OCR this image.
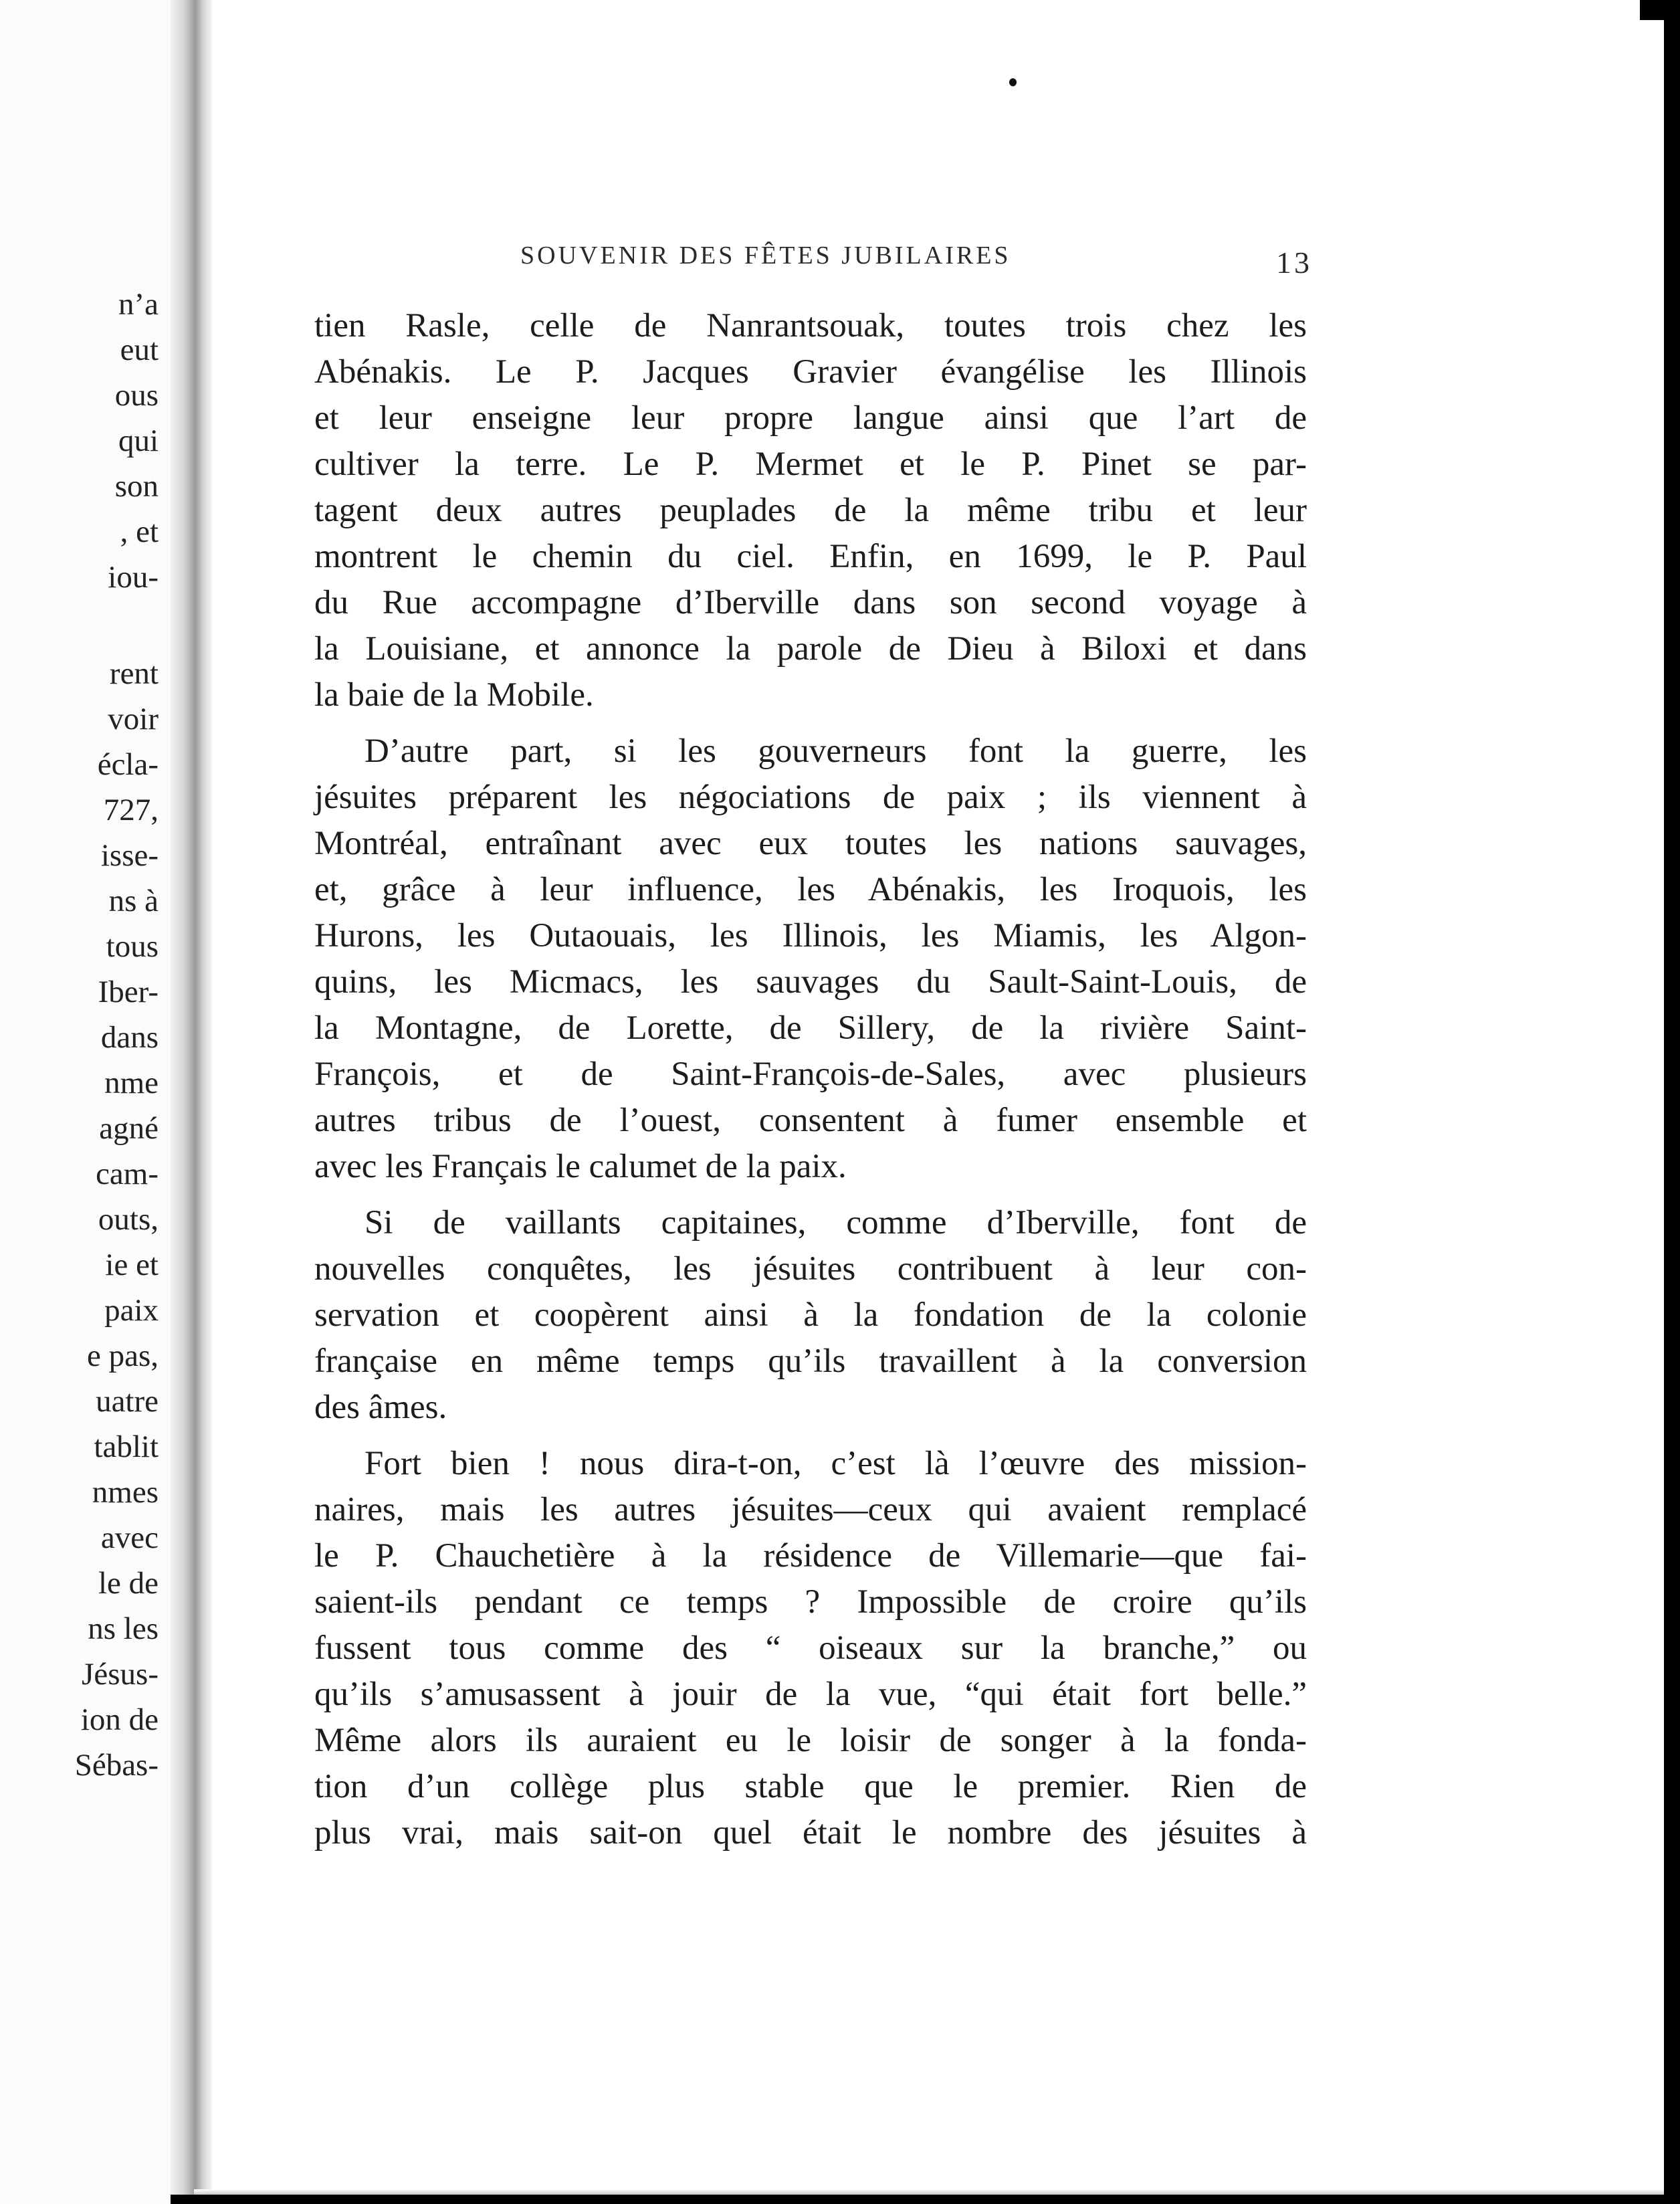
n’a
eut
ous
qui
son
, et
iou-
rent
voir
écla-
727,
isse-
ns à
tous
Iber-
dans
nme
agné
cam-
outs,
ie et
paix
e pas,
uatre
tablit
nmes
avec
le de
ns les
Jésus-
ion de
Sébas-
SOUVENIR DES FÊTES JUBILAIRES	13
tien Rasle, celle de Nanrantsouak, toutes trois chez les
Abénakis. Le P. Jacques Gravier évangélise les Illinois
et leur enseigne leur propre langue ainsi que l’art de
cultiver la terre. Le P. Mermet et le P. Pinet se par-
tagent deux autres peuplades de la même tribu et leur
montrent le chemin du ciel. Enfin, en 1699, le P. Paul
du Rue accompagne d’Iberville dans son second voyage à
la Louisiane, et annonce la parole de Dieu à Biloxi et dans
la baie de la Mobile.
D’autre part, si les gouverneurs font la guerre, les
jésuites préparent les négociations de paix ; ils viennent à
Montréal, entraînant avec eux toutes les nations sauvages,
et, grâce à leur influence, les Abénakis, les Iroquois, les
Hurons, les Outaouais, les Illinois, les Miamis, les Algon-
quins, les Micmacs, les sauvages du Sault-Saint-Louis, de
la Montagne, de Lorette, de Sillery, de la rivière Saint-
François, et de Saint-François-de-Sales, avec plusieurs
autres tribus de l’ouest, consentent à fumer ensemble et
avec les Français le calumet de la paix.
Si de vaillants capitaines, comme d’Iberville, font de
nouvelles conquêtes, les jésuites contribuent à leur con-
servation et coopèrent ainsi à la fondation de la colonie
française en même temps qu’ils travaillent à la conversion
des âmes.
Fort bien ! nous dira-t-on, c’est là l’œuvre des mission-
naires, mais les autres jésuites—ceux qui avaient remplacé
le P. Chauchetière à la résidence de Villemarie—que fai-
saient-ils pendant ce temps ? Impossible de croire qu’ils
fussent tous comme des “ oiseaux sur la branche,” ou
qu’ils s’amusassent à jouir de la vue, “qui était fort belle.”
Même alors ils auraient eu le loisir de songer à la fonda-
tion d’un collège plus stable que le premier. Rien de
plus vrai, mais sait-on quel était le nombre des jésuites à
